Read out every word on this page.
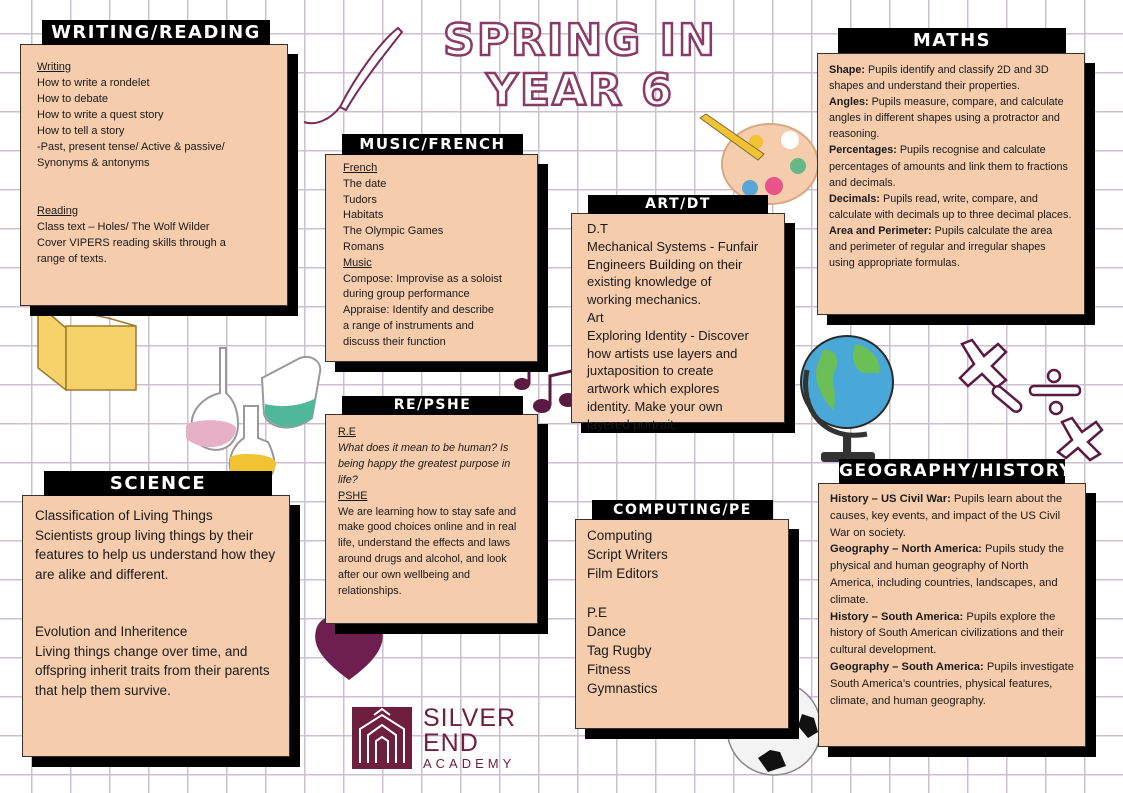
SPRING IN
YEAR 6
Writing
How to write a rondelet
How to debate
How to write a quest story
How to tell a story
-Past, present tense/ Active & passive/
Synonyms & antonyms
Reading
Class text – Holes/ The Wolf Wilder
Cover VIPERS reading skills through a
range of texts.
WRITING/READING
French
The date
Tudors
Habitats
The Olympic Games
Romans
Music
Compose: Improvise as a soloist
during group performance
Appraise: Identify and describe
a range of instruments and
discuss their function
MUSIC/FRENCH
D.T
Mechanical Systems - Funfair
Engineers Building on their
existing knowledge of
working mechanics.
Art
Exploring Identity - Discover
how artists use layers and
juxtaposition to create
artwork which explores
identity. Make your own
layered portrait.
ART/DT
Shape: Pupils identify and classify 2D and 3D shapes and understand their properties.
Angles: Pupils measure, compare, and calculate angles in different shapes using a protractor and reasoning.
Percentages: Pupils recognise and calculate percentages of amounts and link them to fractions and decimals.
Decimals: Pupils read, write, compare, and calculate with decimals up to three decimal places.
Area and Perimeter: Pupils calculate the area and perimeter of regular and irregular shapes using appropriate formulas.
MATHS
R.E
What does it mean to be human? Is being happy the greatest purpose in life?
PSHE
We are learning how to stay safe and make good choices online and in real life, understand the effects and laws around drugs and alcohol, and look after our own wellbeing and relationships.
RE/PSHE
Classification of Living Things
Scientists group living things by their features to help us understand how they are alike and different.
Evolution and Inheritence
Living things change over time, and offspring inherit traits from their parents that help them survive.
SCIENCE
Computing
Script Writers
Film Editors
P.E
Dance
Tag Rugby
Fitness
Gymnastics
COMPUTING/PE
History – US Civil War: Pupils learn about the causes, key events, and impact of the US Civil War on society.
Geography – North America: Pupils study the physical and human geography of North America, including countries, landscapes, and climate.
History – South America: Pupils explore the history of South American civilizations and their cultural development.
Geography – South America: Pupils investigate South America’s countries, physical features, climate, and human geography.
GEOGRAPHY/HISTORY
SILVER
END
ACADEMY
